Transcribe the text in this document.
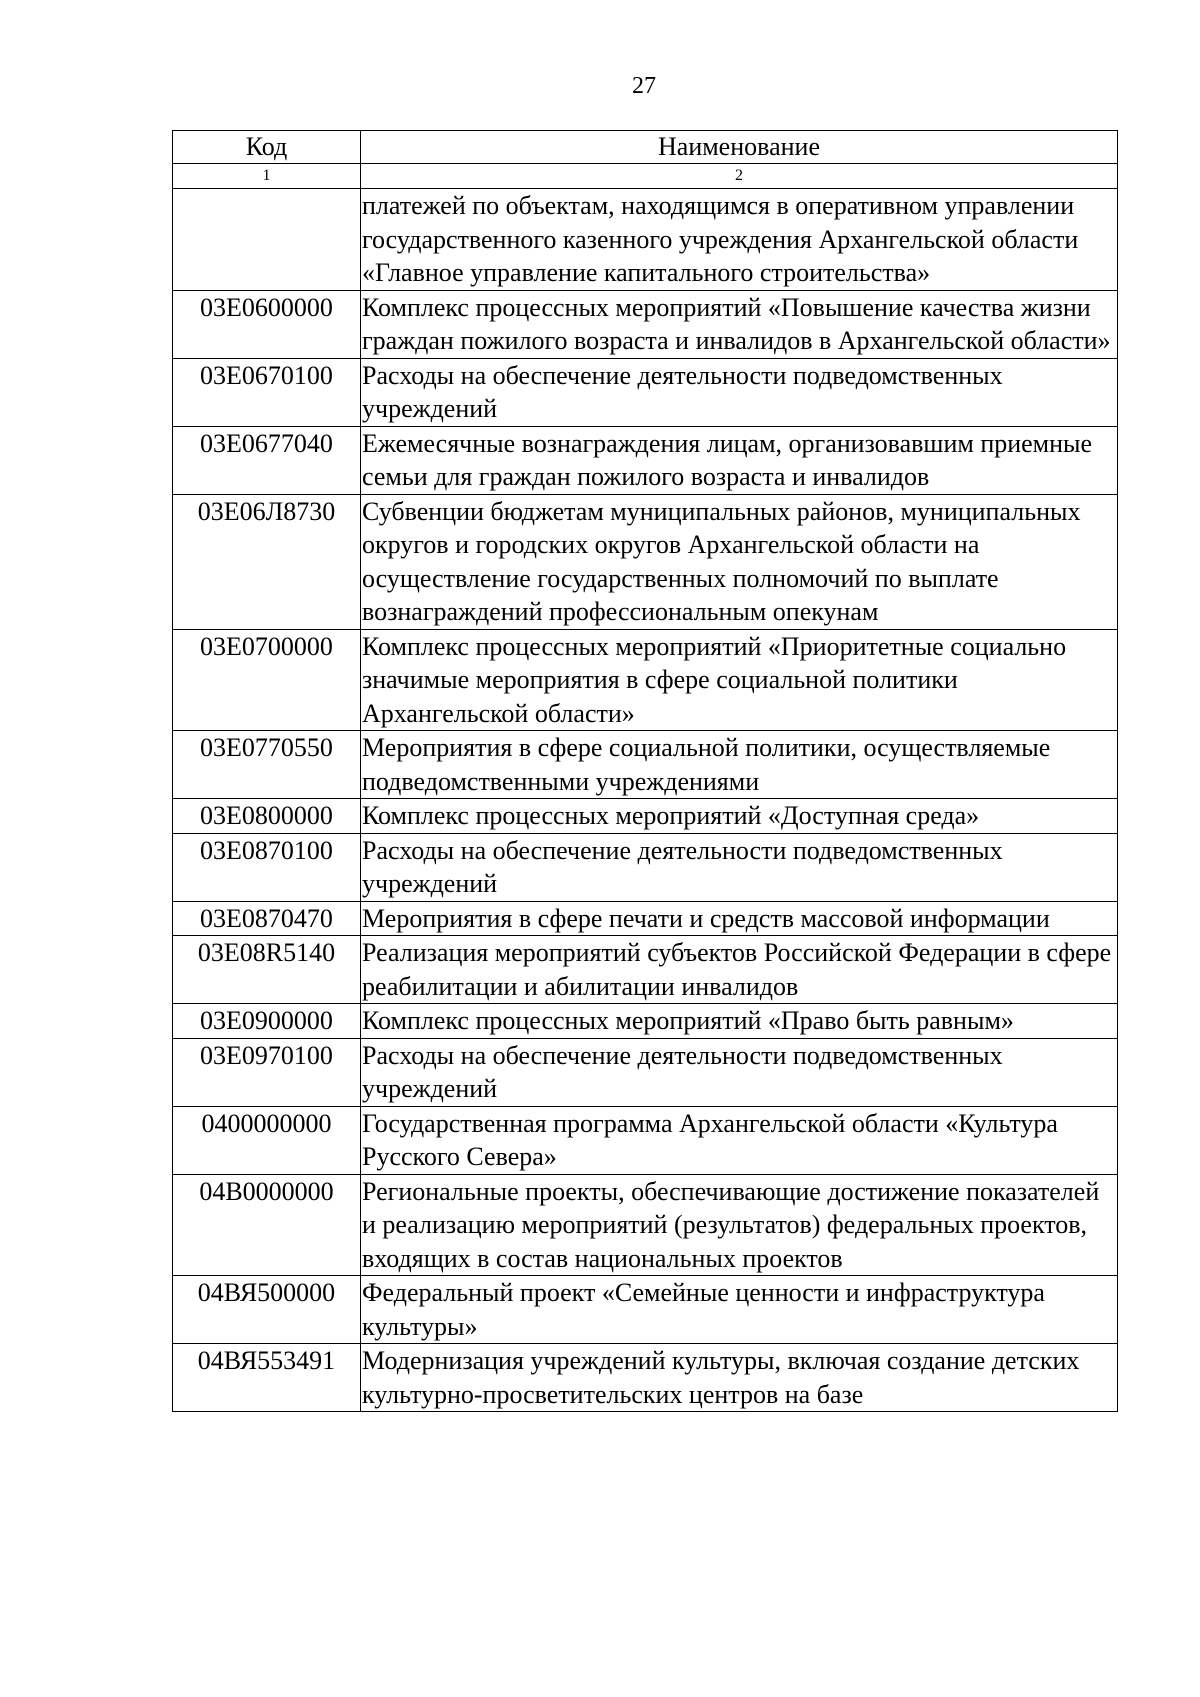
27
Код	Наименование
1	2
	платежей по объектам, находящимся в оперативном управлении государственного казенного учреждения Архангельской области «Главное управление капитального строительства»
03Е0600000	Комплекс процессных мероприятий «Повышение качества жизни граждан пожилого возраста и инвалидов в Архангельской области»
03Е0670100	Расходы на обеспечение деятельности подведомственных учреждений
03Е0677040	Ежемесячные вознаграждения лицам, организовавшим приемные семьи для граждан пожилого возраста и инвалидов
03Е06Л8730	Субвенции бюджетам муниципальных районов, муниципальных округов и городских округов Архангельской области на осуществление государственных полномочий по выплате вознаграждений профессиональным опекунам
03Е0700000	Комплекс процессных мероприятий «Приоритетные социально значимые мероприятия в сфере социальной политики Архангельской области»
03Е0770550	Мероприятия в сфере социальной политики, осуществляемые подведомственными учреждениями
03Е0800000	Комплекс процессных мероприятий «Доступная среда»
03Е0870100	Расходы на обеспечение деятельности подведомственных учреждений
03Е0870470	Мероприятия в сфере печати и средств массовой информации
03Е08R5140	Реализация мероприятий субъектов Российской Федерации в сфере реабилитации и абилитации инвалидов
03Е0900000	Комплекс процессных мероприятий «Право быть равным»
03Е0970100	Расходы на обеспечение деятельности подведомственных учреждений
0400000000	Государственная программа Архангельской области «Культура Русского Севера»
04В0000000	Региональные проекты, обеспечивающие достижение показателей и реализацию мероприятий (результатов) федеральных проектов, входящих в состав национальных проектов
04ВЯ500000	Федеральный проект «Семейные ценности и инфраструктура культуры»
04ВЯ553491	Модернизация учреждений культуры, включая создание детских культурно-просветительских центров на базе
